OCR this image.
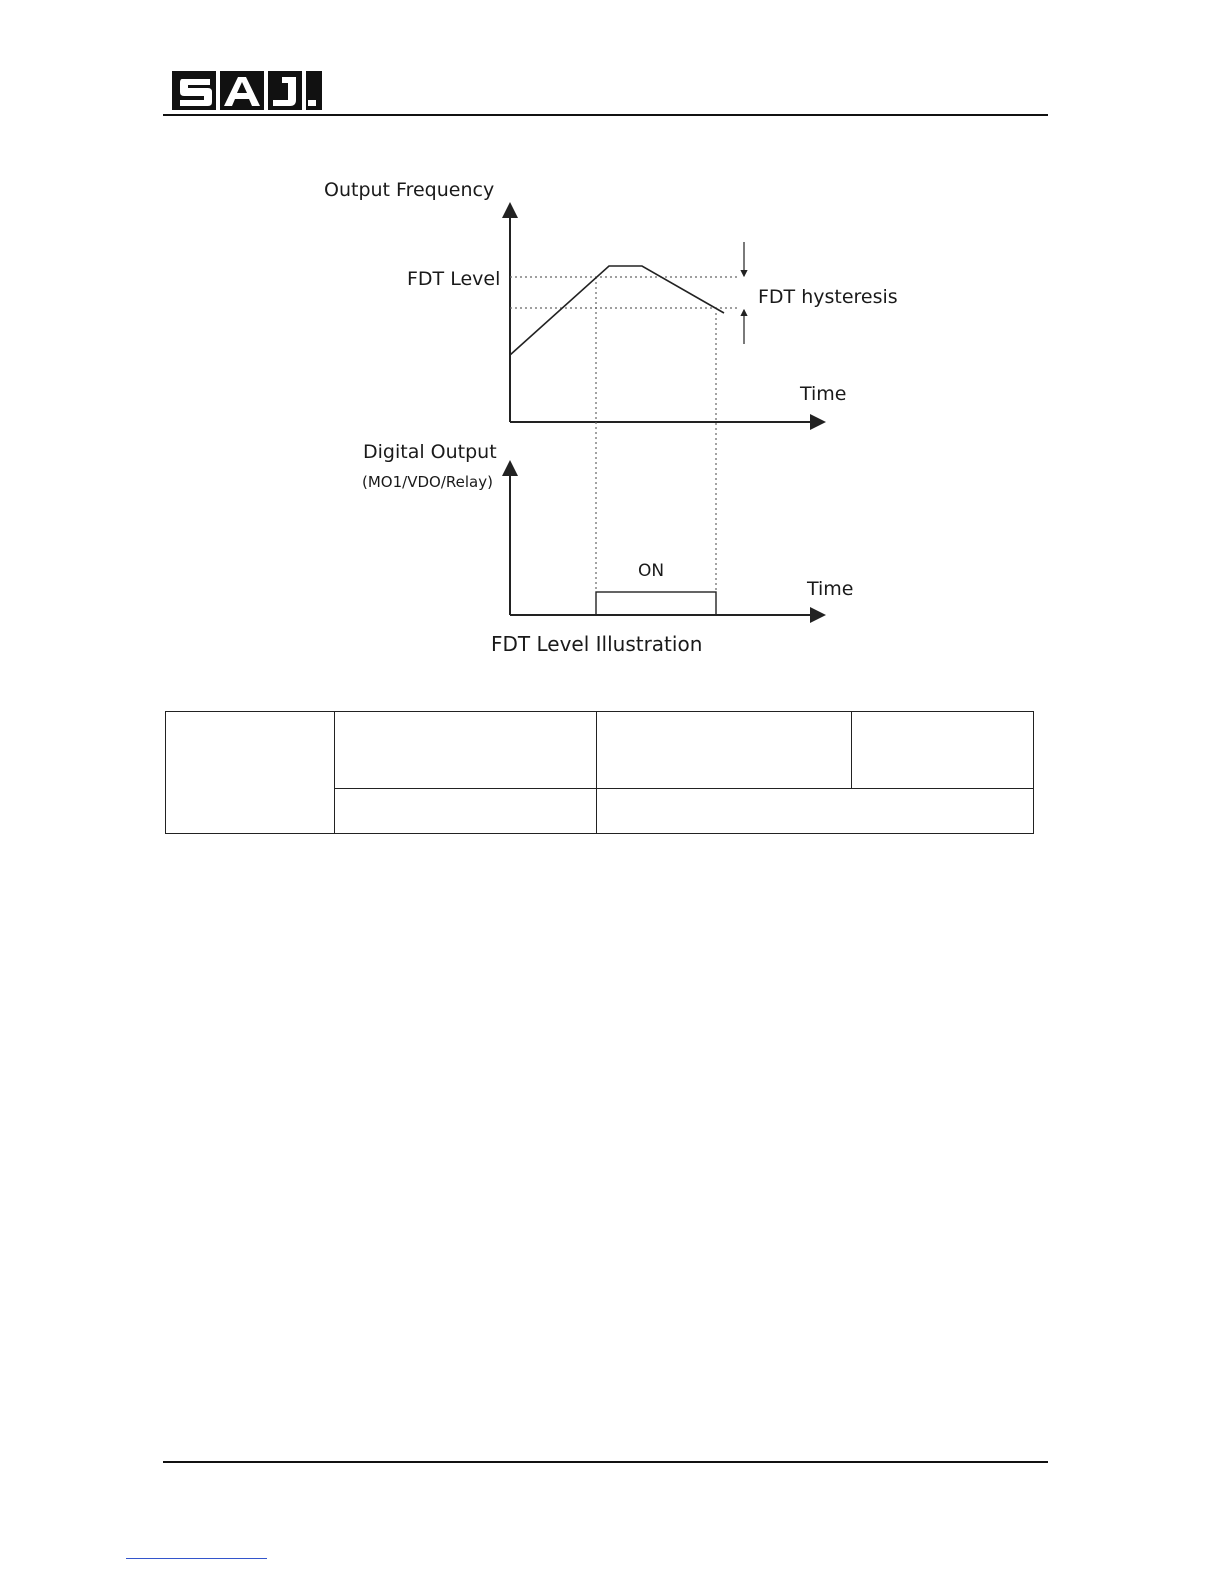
Output Frequency
FDT Level
FDT hysteresis
Time
Digital Output
(MO1/VDO/Relay)
ON
Time
FDT Level Illustration
